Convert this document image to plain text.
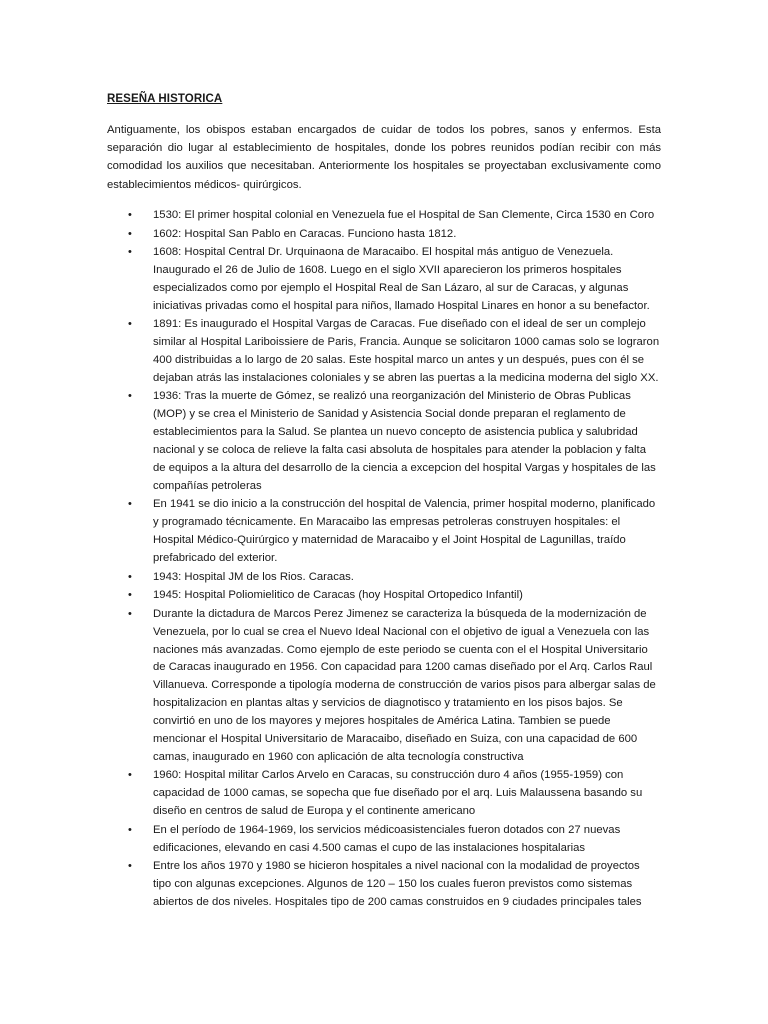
RESEÑA HISTORICA
Antiguamente, los obispos estaban encargados de cuidar de todos los pobres, sanos y enfermos. Esta separación dio lugar al establecimiento de hospitales, donde los pobres reunidos podían recibir con más comodidad los auxilios que necesitaban. Anteriormente los hospitales se proyectaban exclusivamente como establecimientos médicos- quirúrgicos.
• 1530: El primer hospital colonial en Venezuela fue el Hospital de San Clemente, Circa 1530 en Coro
• 1602: Hospital San Pablo en Caracas. Funciono hasta 1812.
• 1608: Hospital Central Dr. Urquinaona de Maracaibo. El hospital más antiguo de Venezuela. Inaugurado el 26 de Julio de 1608. Luego en el siglo XVII aparecieron los primeros hospitales especializados como por ejemplo el Hospital Real de San Lázaro, al sur de Caracas, y algunas iniciativas privadas como el hospital para niños, llamado Hospital Linares en honor a su benefactor.
• 1891: Es inaugurado el Hospital Vargas de Caracas. Fue diseñado con el ideal de ser un complejo similar al Hospital Lariboissiere de Paris, Francia. Aunque se solicitaron 1000 camas solo se lograron 400 distribuidas a lo largo de 20 salas. Este hospital marco un antes y un después, pues con él se dejaban atrás las instalaciones coloniales y se abren las puertas a la medicina moderna del siglo XX.
• 1936: Tras la muerte de Gómez, se realizó una reorganización del Ministerio de Obras Publicas (MOP) y se crea el Ministerio de Sanidad y Asistencia Social donde preparan el reglamento de establecimientos para la Salud. Se plantea un nuevo concepto de asistencia publica y salubridad nacional y se coloca de relieve la falta casi absoluta de hospitales para atender la poblacion y falta de equipos a la altura del desarrollo de la ciencia a excepcion del hospital Vargas y hospitales de las compañías petroleras
• En 1941 se dio inicio a la construcción del hospital de Valencia, primer hospital moderno, planificado y programado técnicamente. En Maracaibo las empresas petroleras construyen hospitales: el Hospital Médico-Quirúrgico y maternidad de Maracaibo y el Joint Hospital de Lagunillas, traído prefabricado del exterior.
• 1943: Hospital JM de los Rios. Caracas.
• 1945: Hospital Poliomielitico de Caracas (hoy Hospital Ortopedico Infantil)
• Durante la dictadura de Marcos Perez Jimenez se caracteriza la búsqueda de la modernización de Venezuela, por lo cual se crea el Nuevo Ideal Nacional con el objetivo de igual a Venezuela con las naciones más avanzadas. Como ejemplo de este periodo se cuenta con el el Hospital Universitario de Caracas inaugurado en 1956. Con capacidad para 1200 camas diseñado por el Arq. Carlos Raul Villanueva. Corresponde a tipología moderna de construcción de varios pisos para albergar salas de hospitalizacion en plantas altas y servicios de diagnotisco y tratamiento en los pisos bajos. Se convirtió en uno de los mayores y mejores hospitales de América Latina. Tambien se puede mencionar el Hospital Universitario de Maracaibo, diseñado en Suiza, con una capacidad de 600 camas, inaugurado en 1960 con aplicación de alta tecnología constructiva
• 1960: Hospital militar Carlos Arvelo en Caracas, su construcción duro 4 años (1955-1959) con capacidad de 1000 camas, se sopecha que fue diseñado por el arq. Luis Malaussena basando su diseño en centros de salud de Europa y el continente americano
• En el período de 1964-1969, los servicios médicoasistenciales fueron dotados con 27 nuevas edificaciones, elevando en casi 4.500 camas el cupo de las instalaciones hospitalarias
• Entre los años 1970 y 1980 se hicieron hospitales a nivel nacional con la modalidad de proyectos tipo con algunas excepciones. Algunos de 120 – 150 los cuales fueron previstos como sistemas abiertos de dos niveles. Hospitales tipo de 200 camas construidos en 9 ciudades principales tales
